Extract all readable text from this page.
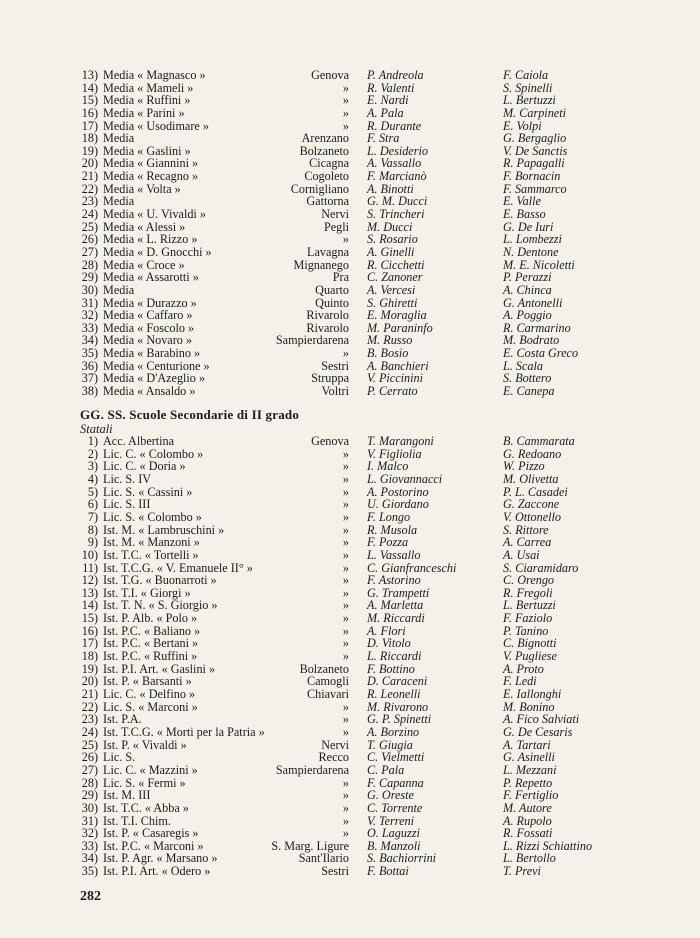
13) Media « Magnasco »	Genova P. Andreola	F. Caiola
14) Media « Mameli »	» R. Valenti	S. Spinelli
15) Media « Ruffini »	» E. Nardi	L. Bertuzzi
16) Media « Parini »	» A. Pala	M. Carpineti
17) Media « Usodimare »	» R. Durante	E. Volpi
18) Media	Arenzano F. Stra	G. Bergaglio
19) Media « Gaslini »	Bolzaneto L. Desiderio	V. De Sanctis
20) Media « Giannini »	Cicagna A. Vassallo	R. Papagalli
21) Media « Recagno »	Cogoleto F. Marcianò	F. Bornacin
22) Media « Volta »	Cornigliano A. Binotti	F. Sammarco
23) Media	Gattorna G. M. Ducci	E. Valle
24) Media « U. Vivaldi »	Nervi S. Trincheri	E. Basso
25) Media « Alessi »	Pegli M. Ducci	G. De Iuri
26) Media « L. Rizzo »	» S. Rosario	L. Lombezzi
27) Media « D. Gnocchi »	Lavagna A. Ginelli	N. Dentone
28) Media « Croce »	Mignanego R. Cicchetti	M. E. Nicoletti
29) Media « Assarotti »	Pra C. Zanoner	P. Perazzi
30) Media	Quarto A. Vercesi	A. Chinca
31) Media « Durazzo »	Quinto S. Ghiretti	G. Antonelli
32) Media « Caffaro »	Rivarolo E. Moraglia	A. Poggio
33) Media « Foscolo »	Rivarolo M. Paraninfo	R. Carmarino
34) Media « Novaro »	Sampierdarena M. Russo	M. Bodrato
35) Media « Barabino »	» B. Bosio	E. Costa Greco
36) Media « Centurione »	Sestri A. Banchieri	L. Scala
37) Media « D'Azeglio »	Struppa V. Piccinini	S. Bottero
38) Media « Ansaldo »	Voltri P. Cerrato	E. Canepa
GG. SS. Scuole Secondarie di II grado
Statali
1) Acc. Albertina	Genova T. Marangoni	B. Cammarata
2) Lic. C. « Colombo »	» V. Figliolia	G. Redoano
3) Lic. C. « Doria »	» I. Malco	W. Pizzo
4) Lic. S. IV	» L. Giovannacci	M. Olivetta
5) Lic. S. « Cassini »	» A. Postorino	P. L. Casadei
6) Lic. S. III	» U. Giordano	G. Zaccone
7) Lic. S. « Colombo »	» F. Longo	V. Ottonello
8) Ist. M. « Lambruschini »	» R. Musola	S. Rittore
9) Ist. M. « Manzoni »	» F. Pozza	A. Carrea
10) Ist. T.C. « Tortelli »	» L. Vassallo	A. Usai
11) Ist. T.C.G. « V. Emanuele II° »	» C. Gianfranceschi	S. Ciaramidaro
12) Ist. T.G. « Buonarroti »	» F. Astorino	C. Orengo
13) Ist. T.I. « Giorgi »	» G. Trampetti	R. Fregoli
14) Ist. T. N. « S. Giorgio »	» A. Marletta	L. Bertuzzi
15) Ist. P. Alb. « Polo »	» M. Riccardi	F. Faziolo
16) Ist. P.C. « Baliano »	» A. Flori	P. Tanino
17) Ist. P.C. « Bertani »	» D. Vitolo	C. Bignotti
18) Ist. P.C. « Ruffini »	» L. Riccardi	V. Pugliese
19) Ist. P.I. Art. « Gaslini »	Bolzaneto F. Bottino	A. Proto
20) Ist. P. « Barsanti »	Camogli D. Caraceni	F. Ledi
21) Lic. C. « Delfino »	Chiavari R. Leonelli	E. Iallonghi
22) Lic. S. « Marconi »	» M. Rivarono	M. Bonino
23) Ist. P.A.	» G. P. Spinetti	A. Fico Salviati
24) Ist. T.C.G. « Morti per la Patria »	» A. Borzino	G. De Cesaris
25) Ist. P. « Vivaldi »	Nervi T. Giugia	A. Tartari
26) Lic. S.	Recco C. Vielmetti	G. Asinelli
27) Lic. C. « Mazzini »	Sampierdarena C. Pala	L. Mezzani
28) Lic. S. « Fermi »	» F. Capanna	P. Repetto
29) Ist. M. III	» G. Oreste	F. Fertiglio
30) Ist. T.C. « Abba »	» C. Torrente	M. Autore
31) Ist. T.I. Chim.	» V. Terreni	A. Rupolo
32) Ist. P. « Casaregis »	» O. Laguzzi	R. Fossati
33) Ist. P.C. « Marconi »	S. Marg. Ligure B. Manzoli	L. Rizzi Schiattino
34) Ist. P. Agr. « Marsano »	Sant'Ilario S. Bachiorrini	L. Bertollo
35) Ist. P.I. Art. « Odero »	Sestri F. Bottai	T. Previ
282
